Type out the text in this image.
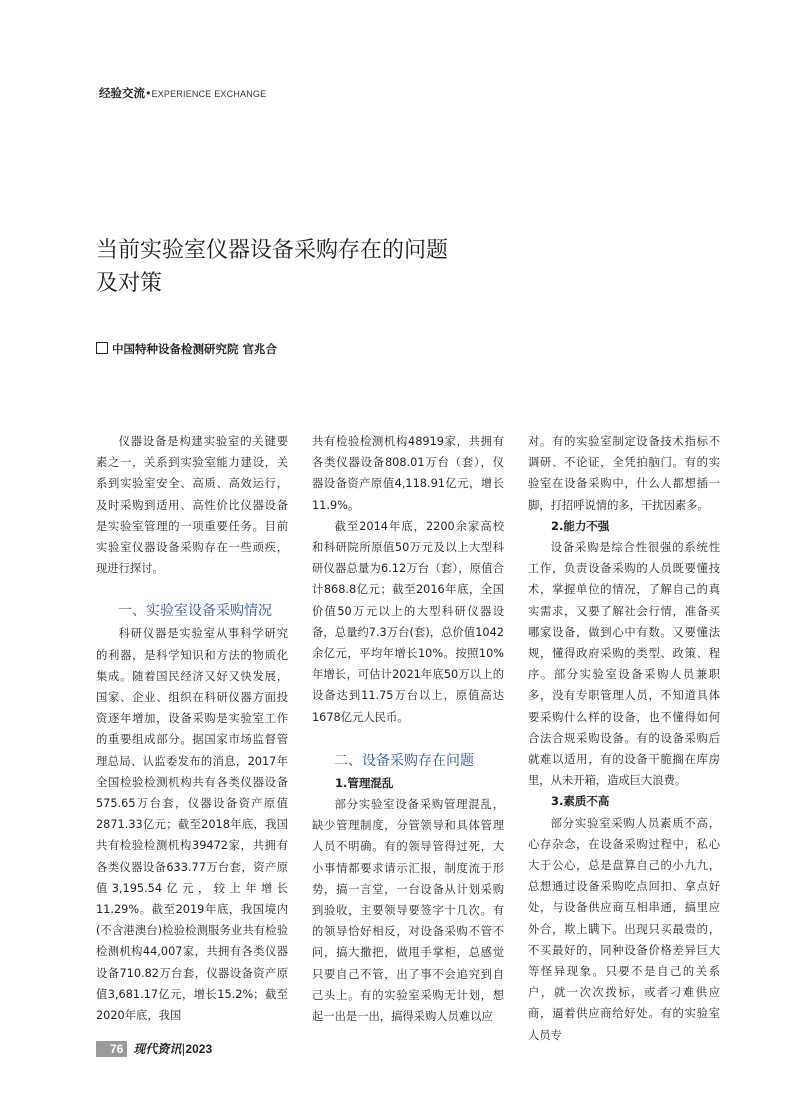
经验交流•EXPERIENCE EXCHANGE
当前实验室仪器设备采购存在的问题
及对策
中国特种设备检测研究院 官兆合

仪器设备是构建实验室的关键要素之一，关系到实验室能力建设，关系到实验室安全、高质、高效运行，及时采购到适用、高性价比仪器设备是实验室管理的一项重要任务。目前实验室仪器设备采购存在一些顽疾，现进行探讨。

一、实验室设备采购情况

科研仪器是实验室从事科学研究的利器，是科学知识和方法的物质化集成。随着国民经济又好又快发展，国家、企业、组织在科研仪器方面投资逐年增加，设备采购是实验室工作的重要组成部分。据国家市场监督管理总局、认监委发布的消息，2017年全国检验检测机构共有各类仪器设备575.65万台套，仪器设备资产原值2871.33亿元；截至2018年底，我国共有检验检测机构39472家，共拥有各类仪器设备633.77万台套，资产原值3,195.54亿元，较上年增长11.29%。截至2019年底，我国境内(不含港澳台)检验检测服务业共有检验检测机构44,007家，共拥有各类仪器设备710.82万台套，仪器设备资产原值3,681.17亿元，增长15.2%；截至2020年底，我国

共有检验检测机构48919家，共拥有各类仪器设备808.01万台（套），仪器设备资产原值4,118.91亿元，增长11.9%。

截至2014年底，2200余家高校和科研院所原值50万元及以上大型科研仪器总量为6.12万台（套），原值合计868.8亿元；截至2016年底，全国价值50万元以上的大型科研仪器设备，总量约7.3万台(套)，总价值1042余亿元，平均年增长10%。按照10%年增长，可估计2021年底50万以上的设备达到11.75万台以上，原值高达1678亿元人民币。

二、设备采购存在问题

1.管理混乱

部分实验室设备采购管理混乱，缺少管理制度，分管领导和具体管理人员不明确。有的领导管得过死，大小事情都要求请示汇报，制度流于形势，搞一言堂，一台设备从计划采购到验收，主要领导要签字十几次。有的领导恰好相反，对设备采购不管不问，搞大撒把，做甩手掌柜，总感觉只要自己不管，出了事不会追究到自己头上。有的实验室采购无计划，想起一出是一出，搞得采购人员难以应

对。有的实验室制定设备技术指标不调研、不论证，全凭拍脑门。有的实验室在设备采购中，什么人都想插一脚，打招呼说情的多，干扰因素多。

2.能力不强

设备采购是综合性很强的系统性工作，负责设备采购的人员既要懂技术，掌握单位的情况，了解自己的真实需求，又要了解社会行情，准备买哪家设备，做到心中有数。又要懂法规，懂得政府采购的类型、政策、程序。部分实验室设备采购人员兼职多，没有专职管理人员，不知道具体要采购什么样的设备，也不懂得如何合法合规采购设备。有的设备采购后就难以适用，有的设备干脆搁在库房里，从未开箱，造成巨大浪费。

3.素质不高

部分实验室采购人员素质不高，心存杂念，在设备采购过程中，私心大于公心，总是盘算自己的小九九，总想通过设备采购吃点回扣、拿点好处，与设备供应商互相串通，搞里应外合，欺上瞒下。出现只买最贵的，不买最好的，同种设备价格差异巨大等怪异现象。只要不是自己的关系户，就一次次拨标，或者刁难供应商，逼着供应商给好处。有的实验室人员专

76 现代资讯|2023
